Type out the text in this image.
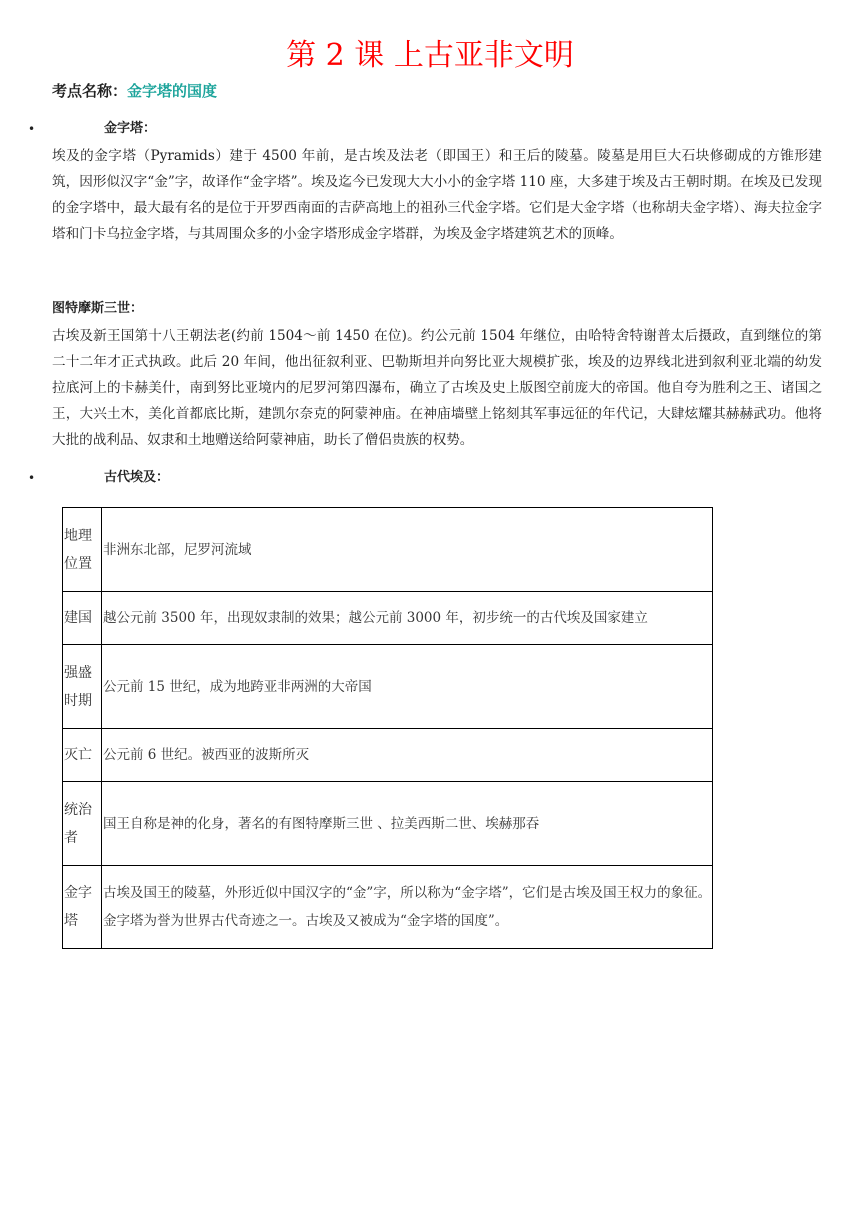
第 2 课 上古亚非文明
考点名称：金字塔的国度
•	金字塔：
埃及的金字塔（Pyramids）建于 4500 年前，是古埃及法老（即国王）和王后的陵墓。陵墓是用巨大石块修砌成的方锥形建筑，因形似汉字“金”字，故译作“金字塔”。埃及迄今已发现大大小小的金字塔 110 座，大多建于埃及古王朝时期。在埃及已发现的金字塔中，最大最有名的是位于开罗西南面的吉萨高地上的祖孙三代金字塔。它们是大金字塔（也称胡夫金字塔）、海夫拉金字塔和门卡乌拉金字塔，与其周围众多的小金字塔形成金字塔群，为埃及金字塔建筑艺术的顶峰。
图特摩斯三世：
古埃及新王国第十八王朝法老(约前 1504～前 1450 在位)。约公元前 1504 年继位，由哈特舍特谢普太后摄政，直到继位的第二十二年才正式执政。此后 20 年间，他出征叙利亚、巴勒斯坦并向努比亚大规模扩张，埃及的边界线北进到叙利亚北端的幼发拉底河上的卡赫美什，南到努比亚境内的尼罗河第四瀑布，确立了古埃及史上版图空前庞大的帝国。他自夸为胜利之王、诸国之王，大兴土木，美化首都底比斯，建凯尔奈克的阿蒙神庙。在神庙墙壁上铭刻其军事远征的年代记，大肆炫耀其赫赫武功。他将大批的战利品、奴隶和土地赠送给阿蒙神庙，助长了僧侣贵族的权势。
•	古代埃及：
地理位置	非洲东北部，尼罗河流域
建国	越公元前 3500 年，出现奴隶制的效果；越公元前 3000 年，初步统一的古代埃及国家建立
强盛时期	公元前 15 世纪，成为地跨亚非两洲的大帝国
灭亡	公元前 6 世纪。被西亚的波斯所灭
统治者	国王自称是神的化身，著名的有图特摩斯三世 、拉美西斯二世、埃赫那吞
金字塔	古埃及国王的陵墓，外形近似中国汉字的“金”字，所以称为“金字塔”，它们是古埃及国王权力的象征。金字塔为誉为世界古代奇迹之一。古埃及又被成为“金字塔的国度”。
